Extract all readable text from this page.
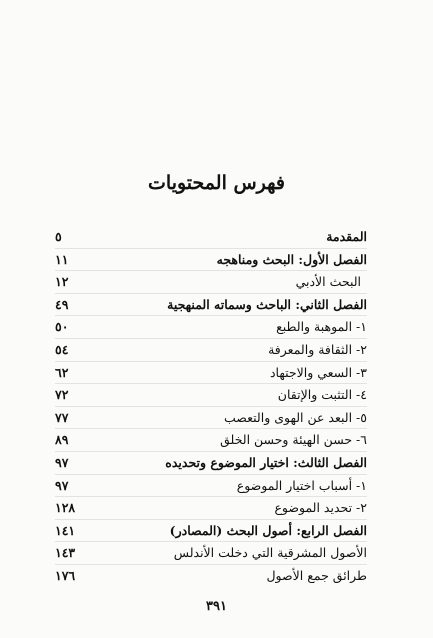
فهرس المحتويات
المقدمة
٥
الفصل الأول: البحث ومناهجه
١١
البحث الأدبي
١٢
الفصل الثاني: الباحث وسماته المنهجية
٤٩
١- الموهبة والطبع
٥٠
٢- الثقافة والمعرفة
٥٤
٣- السعي والاجتهاد
٦٢
٤- التثبت والإتقان
٧٢
٥- البعد عن الهوى والتعصب
٧٧
٦- حسن الهيئة وحسن الخلق
٨٩
الفصل الثالث: اختيار الموضوع وتحديده
٩٧
١- أسباب اختيار الموضوع
٩٧
٢- تحديد الموضوع
١٢٨
الفصل الرابع: أصول البحث (المصادر)
١٤١
الأصول المشرقية التي دخلت الأندلس
١٤٣
طرائق جمع الأصول
١٧٦
٣٩١
